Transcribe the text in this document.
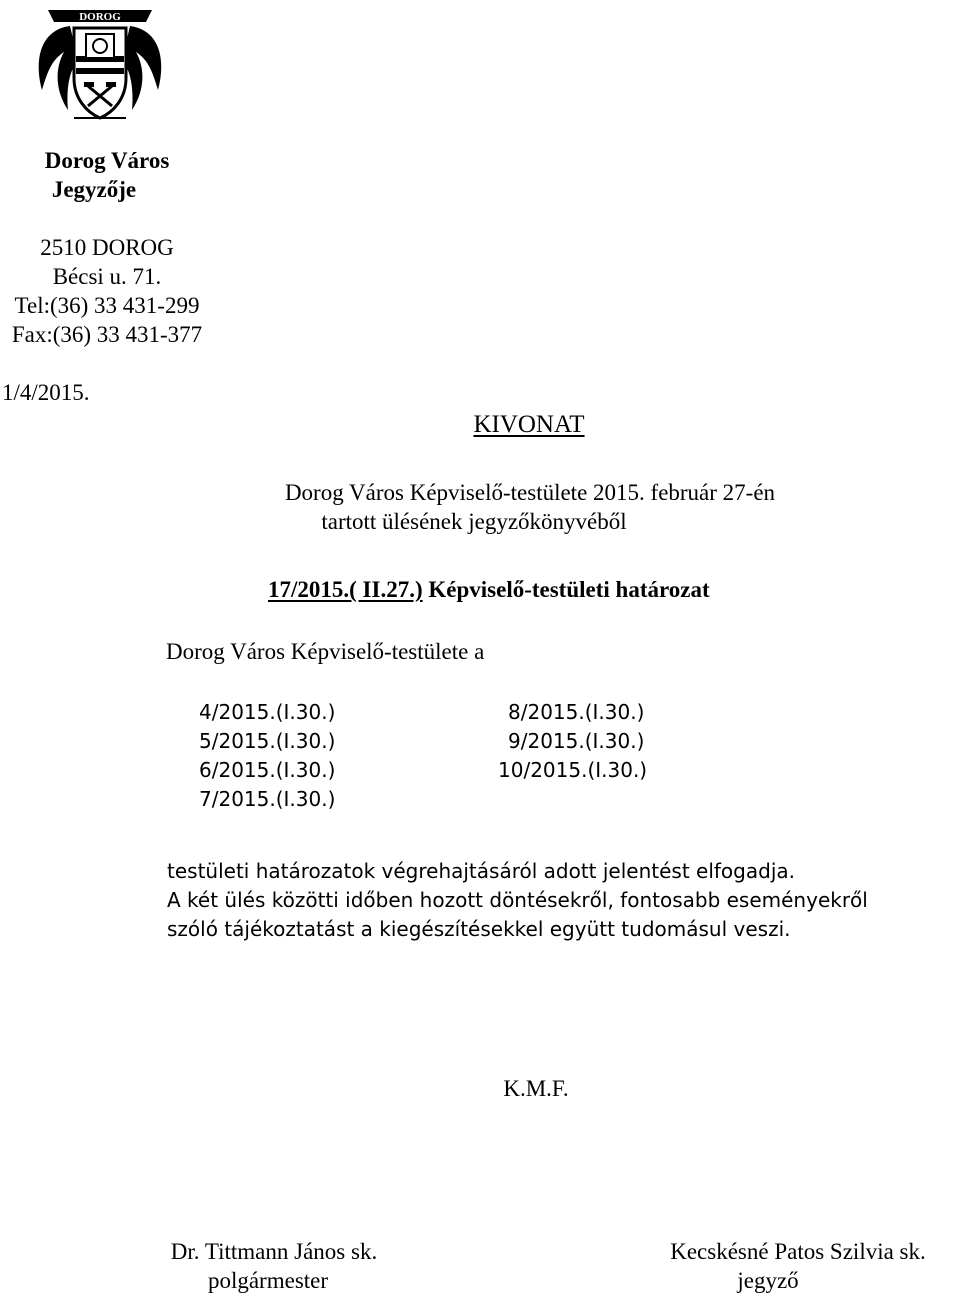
DOROG
Dorog Város
Jegyzője
2510 DOROG
Bécsi u. 71.
Tel:(36) 33 431-299
Fax:(36) 33 431-377
1/4/2015.
KIVONAT
Dorog Város Képviselő-testülete 2015. február 27-én
tartott ülésének jegyzőkönyvéből
17/2015.( II.27.) Képviselő-testületi határozat
Dorog Város Képviselő-testülete a
4/2015.(I.30.)
5/2015.(I.30.)
6/2015.(I.30.)
7/2015.(I.30.)
8/2015.(I.30.)
9/2015.(I.30.)
10/2015.(I.30.)
testületi határozatok végrehajtásáról adott jelentést elfogadja.
A két ülés közötti időben hozott döntésekről, fontosabb eseményekről
szóló tájékoztatást a kiegészítésekkel együtt tudomásul veszi.
K.M.F.
Dr. Tittmann János sk.
polgármester
Kecskésné Patos Szilvia sk.
jegyző
